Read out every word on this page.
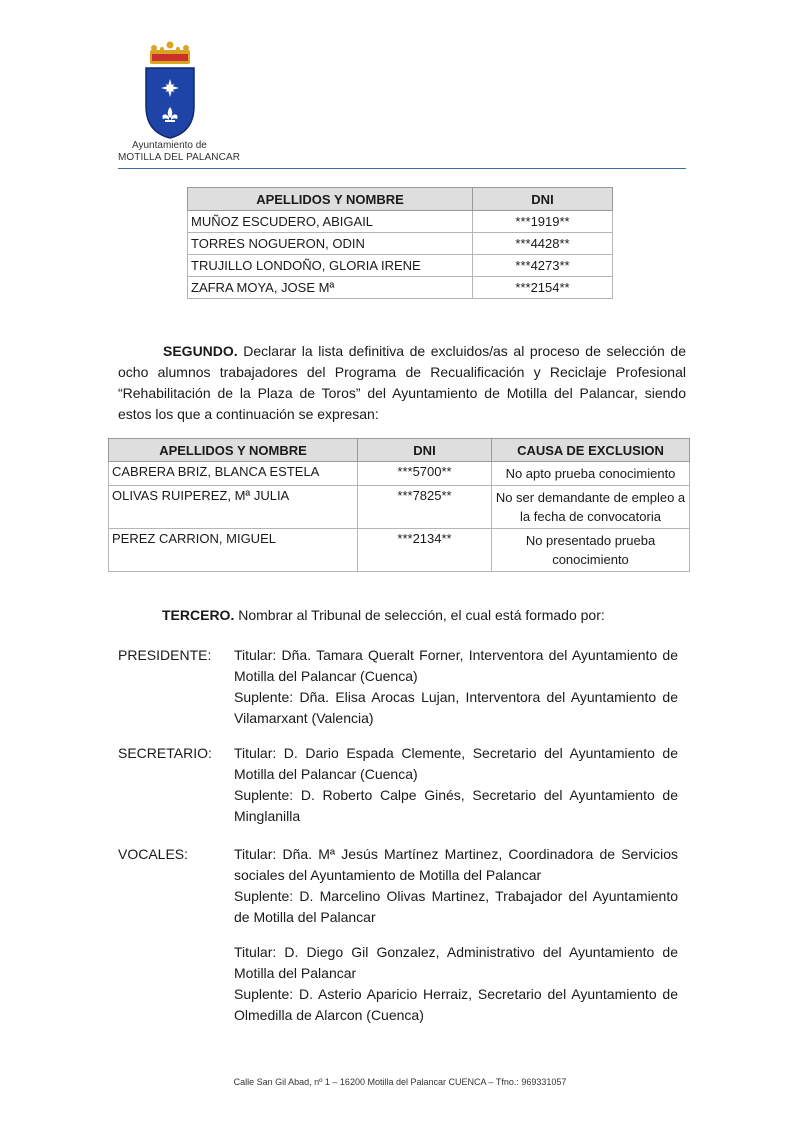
Ayuntamiento de
MOTILLA DEL PALANCAR
APELLIDOS Y NOMBRE	DNI
MUÑOZ ESCUDERO, ABIGAIL	***1919**
TORRES NOGUERON, ODIN	***4428**
TRUJILLO LONDOÑO, GLORIA IRENE	***4273**
ZAFRA MOYA, JOSE Mª	***2154**
SEGUNDO. Declarar la lista definitiva de excluidos/as al proceso de selección de ocho alumnos trabajadores del Programa de Recualificación y Reciclaje Profesional “Rehabilitación de la Plaza de Toros” del Ayuntamiento de Motilla del Palancar, siendo estos los que a continuación se expresan:
APELLIDOS Y NOMBRE	DNI	CAUSA DE EXCLUSION
CABRERA BRIZ, BLANCA ESTELA	***5700**	No apto prueba conocimiento
OLIVAS RUIPEREZ, Mª JULIA	***7825**	No ser demandante de empleo a la fecha de convocatoria
PEREZ CARRION, MIGUEL	***2134**	No presentado prueba conocimiento
TERCERO. Nombrar al Tribunal de selección, el cual está formado por:
PRESIDENTE:	Titular: Dña. Tamara Queralt Forner, Interventora del Ayuntamiento de Motilla del Palancar (Cuenca)

Suplente: Dña. Elisa Arocas Lujan, Interventora del Ayuntamiento de Vilamarxant (Valencia)

SECRETARIO:	Titular: D. Dario Espada Clemente, Secretario del Ayuntamiento de Motilla del Palancar (Cuenca)

Suplente: D. Roberto Calpe Ginés, Secretario del Ayuntamiento de Minglanilla

VOCALES:	Titular: Dña. Mª Jesús Martínez Martinez, Coordinadora de Servicios sociales del Ayuntamiento de Motilla del Palancar

Suplente: D. Marcelino Olivas Martinez, Trabajador del Ayuntamiento de Motilla del Palancar

Titular: D. Diego Gil Gonzalez, Administrativo del Ayuntamiento de Motilla del Palancar

Suplente: D. Asterio Aparicio Herraiz, Secretario del Ayuntamiento de Olmedilla de Alarcon (Cuenca)

Calle San Gil Abad, nº 1 – 16200 Motilla del Palancar CUENCA – Tfno.: 969331057
